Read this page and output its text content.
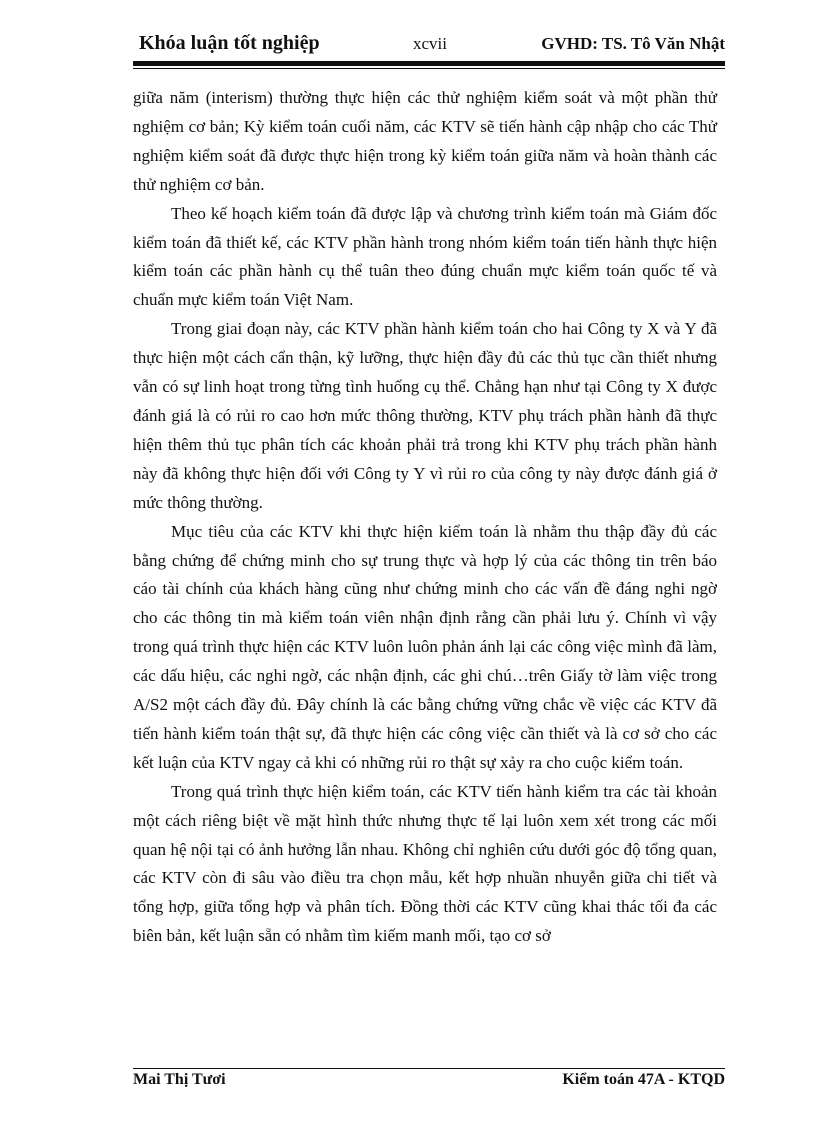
Khóa luận tốt nghiệp	xcvii	GVHD: TS. Tô Văn Nhật

giữa năm (interism) thường thực hiện các thử nghiệm kiểm soát và một phần thử nghiệm cơ bản; Kỳ kiểm toán cuối năm, các KTV sẽ tiến hành cập nhập cho các Thử nghiệm kiểm soát đã được thực hiện trong kỳ kiểm toán giữa năm và hoàn thành các thử nghiệm cơ bản.

Theo kế hoạch kiểm toán đã được lập và chương trình kiểm toán mà Giám đốc kiểm toán đã thiết kế, các KTV phần hành trong nhóm kiểm toán tiến hành thực hiện kiểm toán các phần hành cụ thể tuân theo đúng chuẩn mực kiểm toán quốc tế và chuẩn mực kiểm toán Việt Nam.

Trong giai đoạn này, các KTV phần hành kiểm toán cho hai Công ty X và Y đã thực hiện một cách cẩn thận, kỹ lưỡng, thực hiện đầy đủ các thủ tục cần thiết nhưng vẫn có sự linh hoạt trong từng tình huống cụ thể. Chẳng hạn như tại Công ty X được đánh giá là có rủi ro cao hơn mức thông thường, KTV phụ trách phần hành đã thực hiện thêm thủ tục phân tích các khoản phải trả trong khi KTV phụ trách phần hành này đã không thực hiện đối với Công ty Y vì rủi ro của công ty này được đánh giá ở mức thông thường.

Mục tiêu của các KTV khi thực hiện kiểm toán là nhằm thu thập đầy đủ các bằng chứng để chứng minh cho sự trung thực và hợp lý của các thông tin trên báo cáo tài chính của khách hàng cũng như chứng minh cho các vấn đề đáng nghi ngờ cho các thông tin mà kiểm toán viên nhận định rằng cần phải lưu ý. Chính vì vậy trong quá trình thực hiện các KTV luôn luôn phản ánh lại các công việc mình đã làm, các dấu hiệu, các nghi ngờ, các nhận định, các ghi chú…trên Giấy tờ làm việc trong A/S2 một cách đầy đủ. Đây chính là các bằng chứng vững chắc về việc các KTV đã tiến hành kiểm toán thật sự, đã thực hiện các công việc cần thiết và là cơ sở cho các kết luận của KTV ngay cả khi có những rủi ro thật sự xảy ra cho cuộc kiểm toán.

Trong quá trình thực hiện kiểm toán, các KTV tiến hành kiểm tra các tài khoản một cách riêng biệt về mặt hình thức nhưng thực tế lại luôn xem xét trong các mối quan hệ nội tại có ảnh hưởng lẫn nhau. Không chỉ nghiên cứu dưới góc độ tổng quan, các KTV còn đi sâu vào điều tra chọn mẫu, kết hợp nhuần nhuyễn giữa chi tiết và tổng hợp, giữa tổng hợp và phân tích. Đồng thời các KTV cũng khai thác tối đa các biên bản, kết luận sẵn có nhằm tìm kiếm manh mối, tạo cơ sở

Mai Thị Tươi	Kiểm toán 47A - KTQD
